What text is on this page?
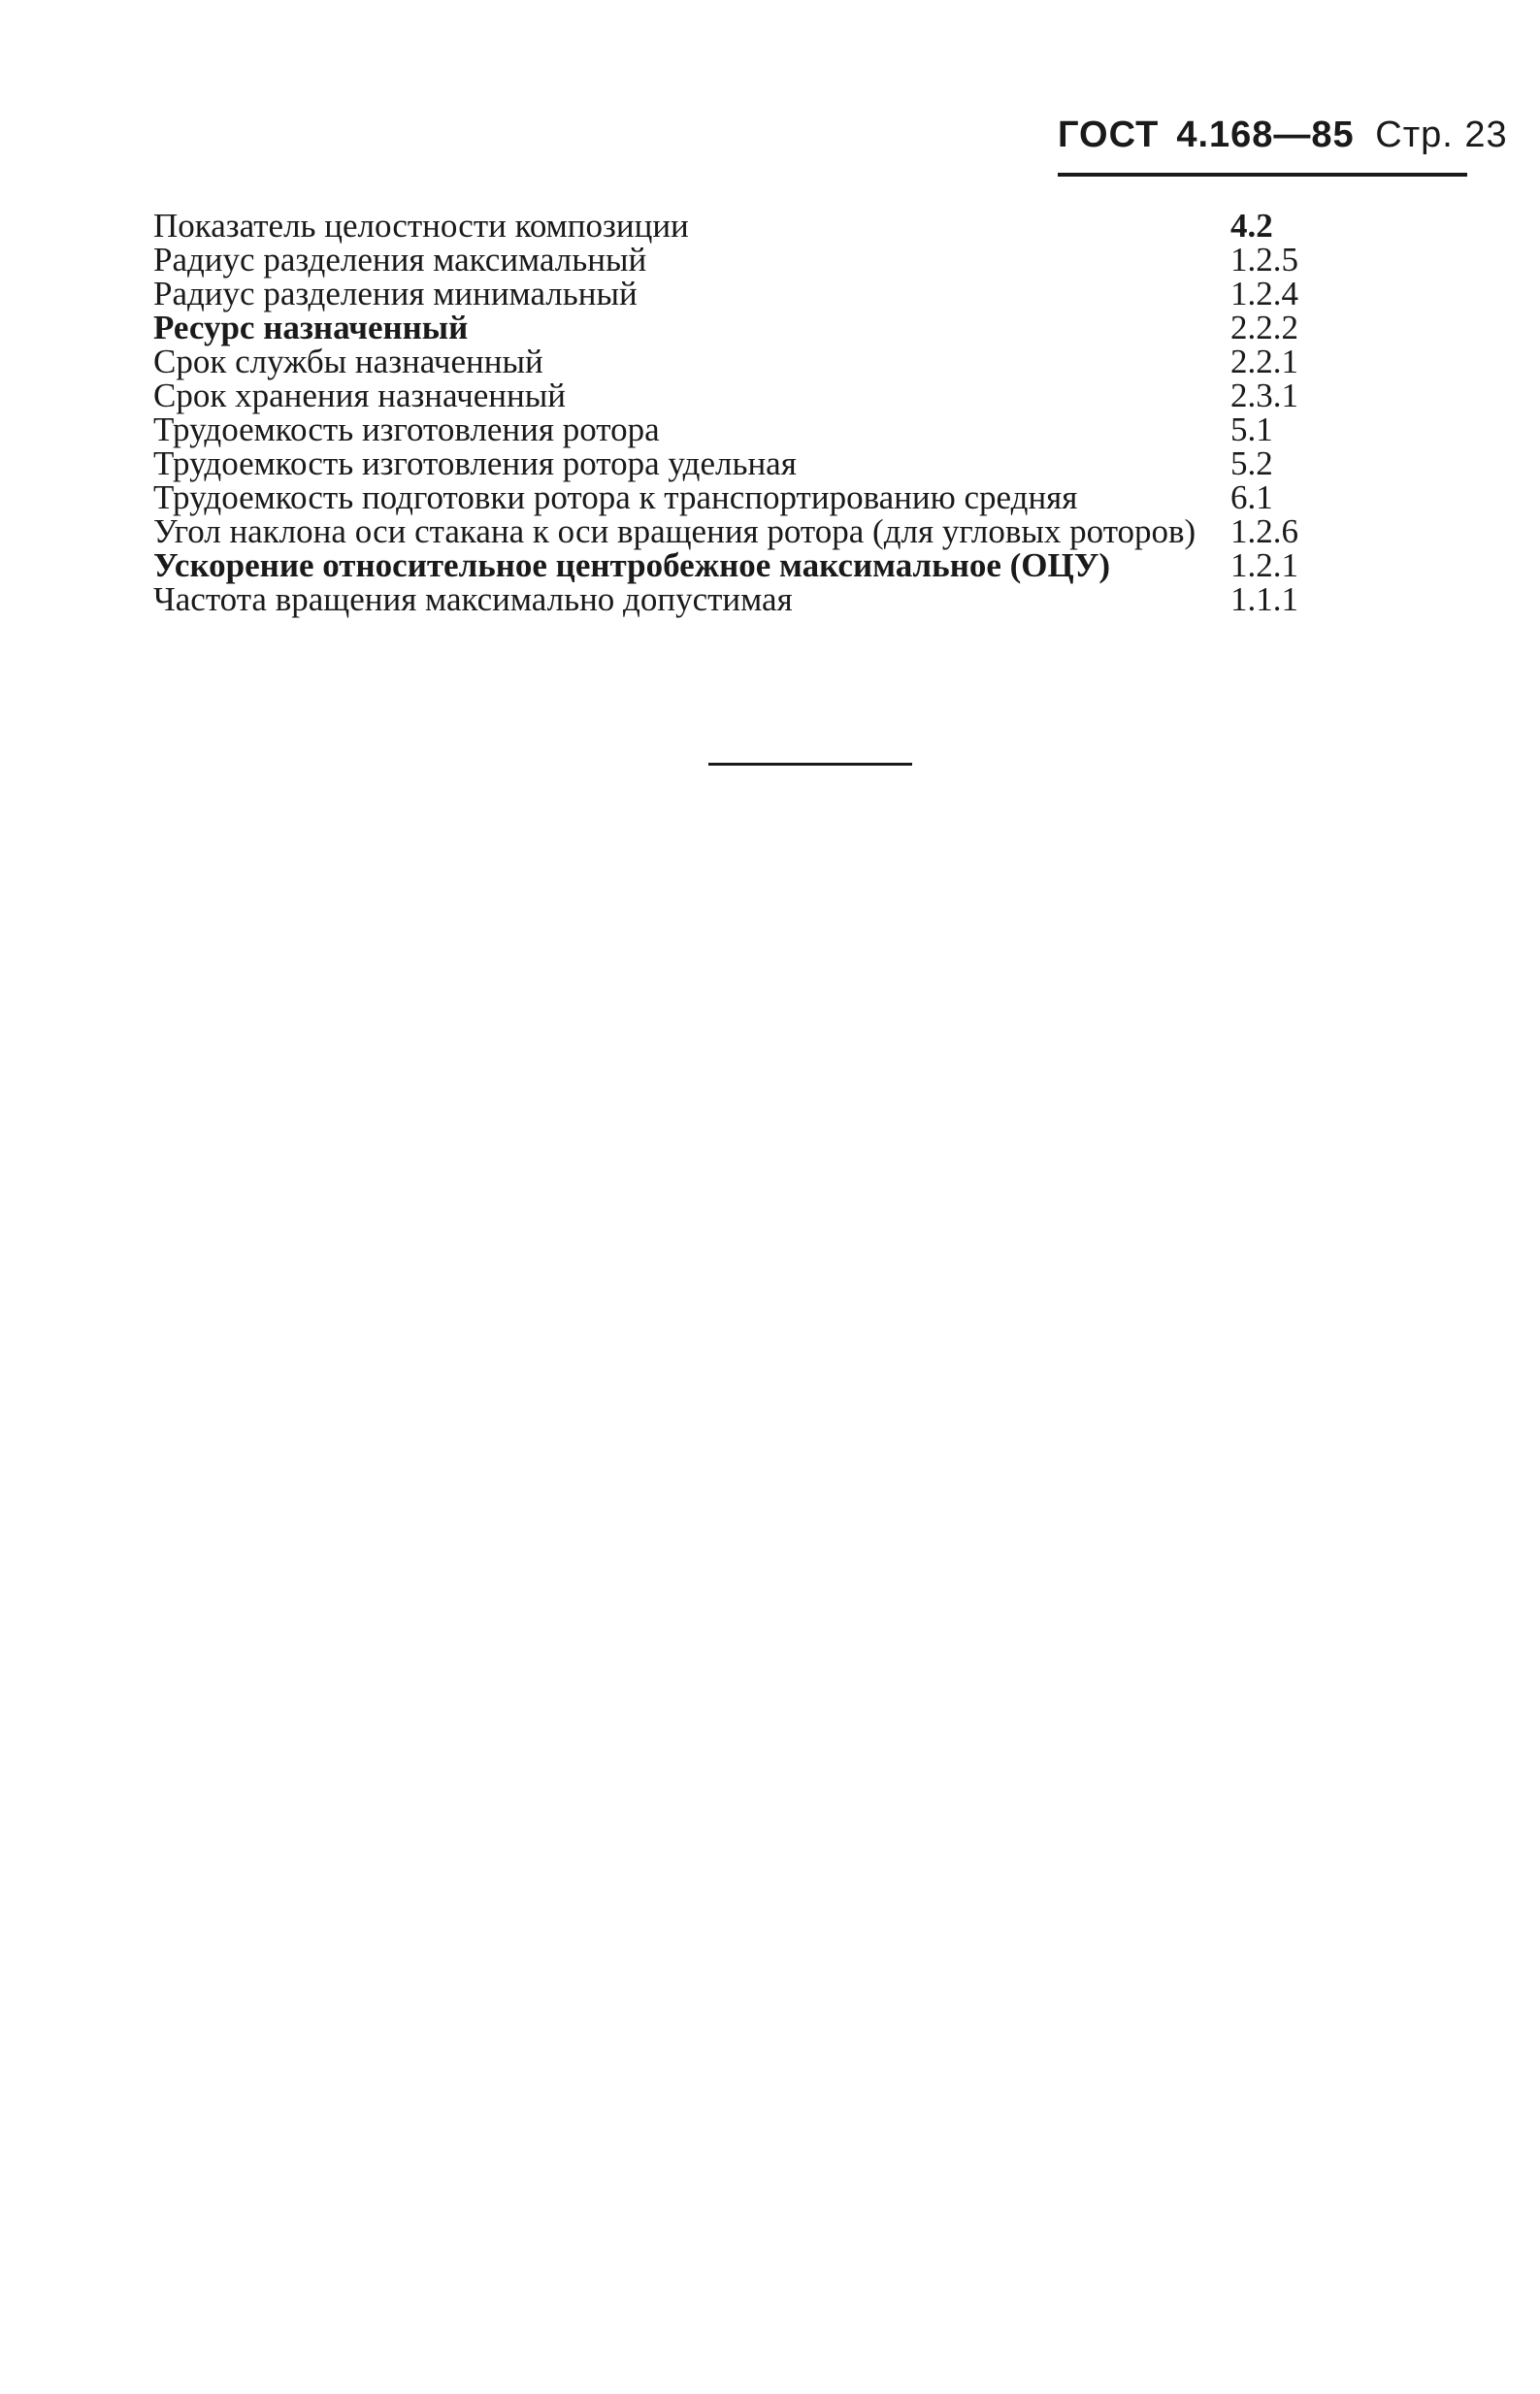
ГОСТ 4.168—85 Стр. 23
Показатель целостности композиции	4.2
Радиус разделения максимальный	1.2.5
Радиус разделения минимальный	1.2.4
Ресурс назначенный	2.2.2
Срок службы назначенный	2.2.1
Срок хранения назначенный	2.3.1
Трудоемкость изготовления ротора	5.1
Трудоемкость изготовления ротора удельная	5.2
Трудоемкость подготовки ротора к транспортированию средняя	6.1
Угол наклона оси стакана к оси вращения ротора (для угловых роторов)	1.2.6
Ускорение относительное центробежное максимальное (ОЦУ)	1.2.1
Частота вращения максимально допустимая	1.1.1
